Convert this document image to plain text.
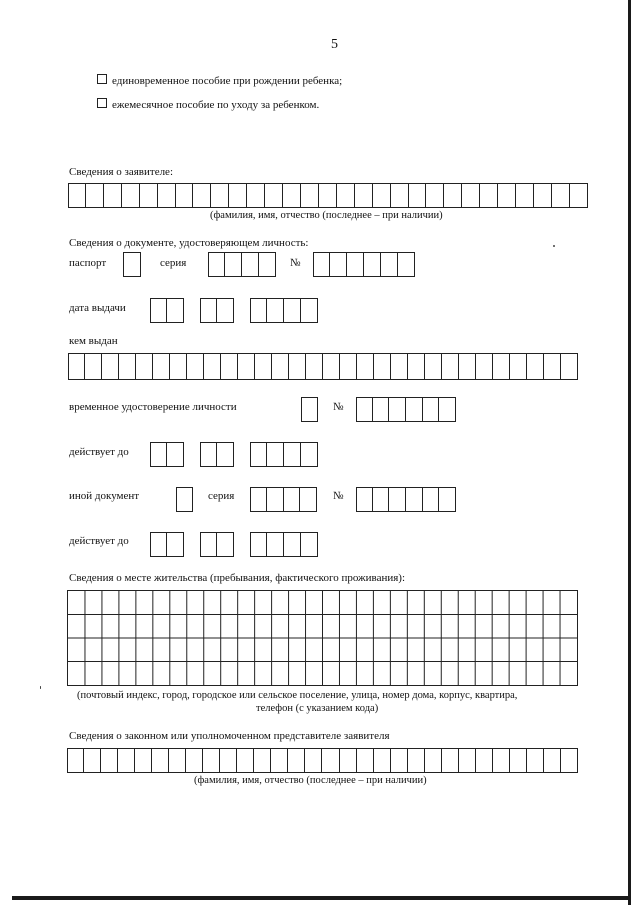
5
единовременное пособие при рождении ребенка;
ежемесячное пособие по уходу за ребенком.
Сведения о заявителе:
(фамилия, имя, отчество (последнее – при наличии)
Сведения о документе, удостоверяющем личность:
паспорт	серия	№
дата выдачи
кем выдан
временное удостоверение личности	№
действует до
иной документ	серия	№
действует до
Сведения о месте жительства (пребывания, фактического проживания):
(почтовый индекс, город, городское или сельское поселение, улица, номер дома, корпус, квартира,
телефон (с указанием кода)
Сведения о законном или уполномоченном представителе заявителя
(фамилия, имя, отчество (последнее – при наличии)
